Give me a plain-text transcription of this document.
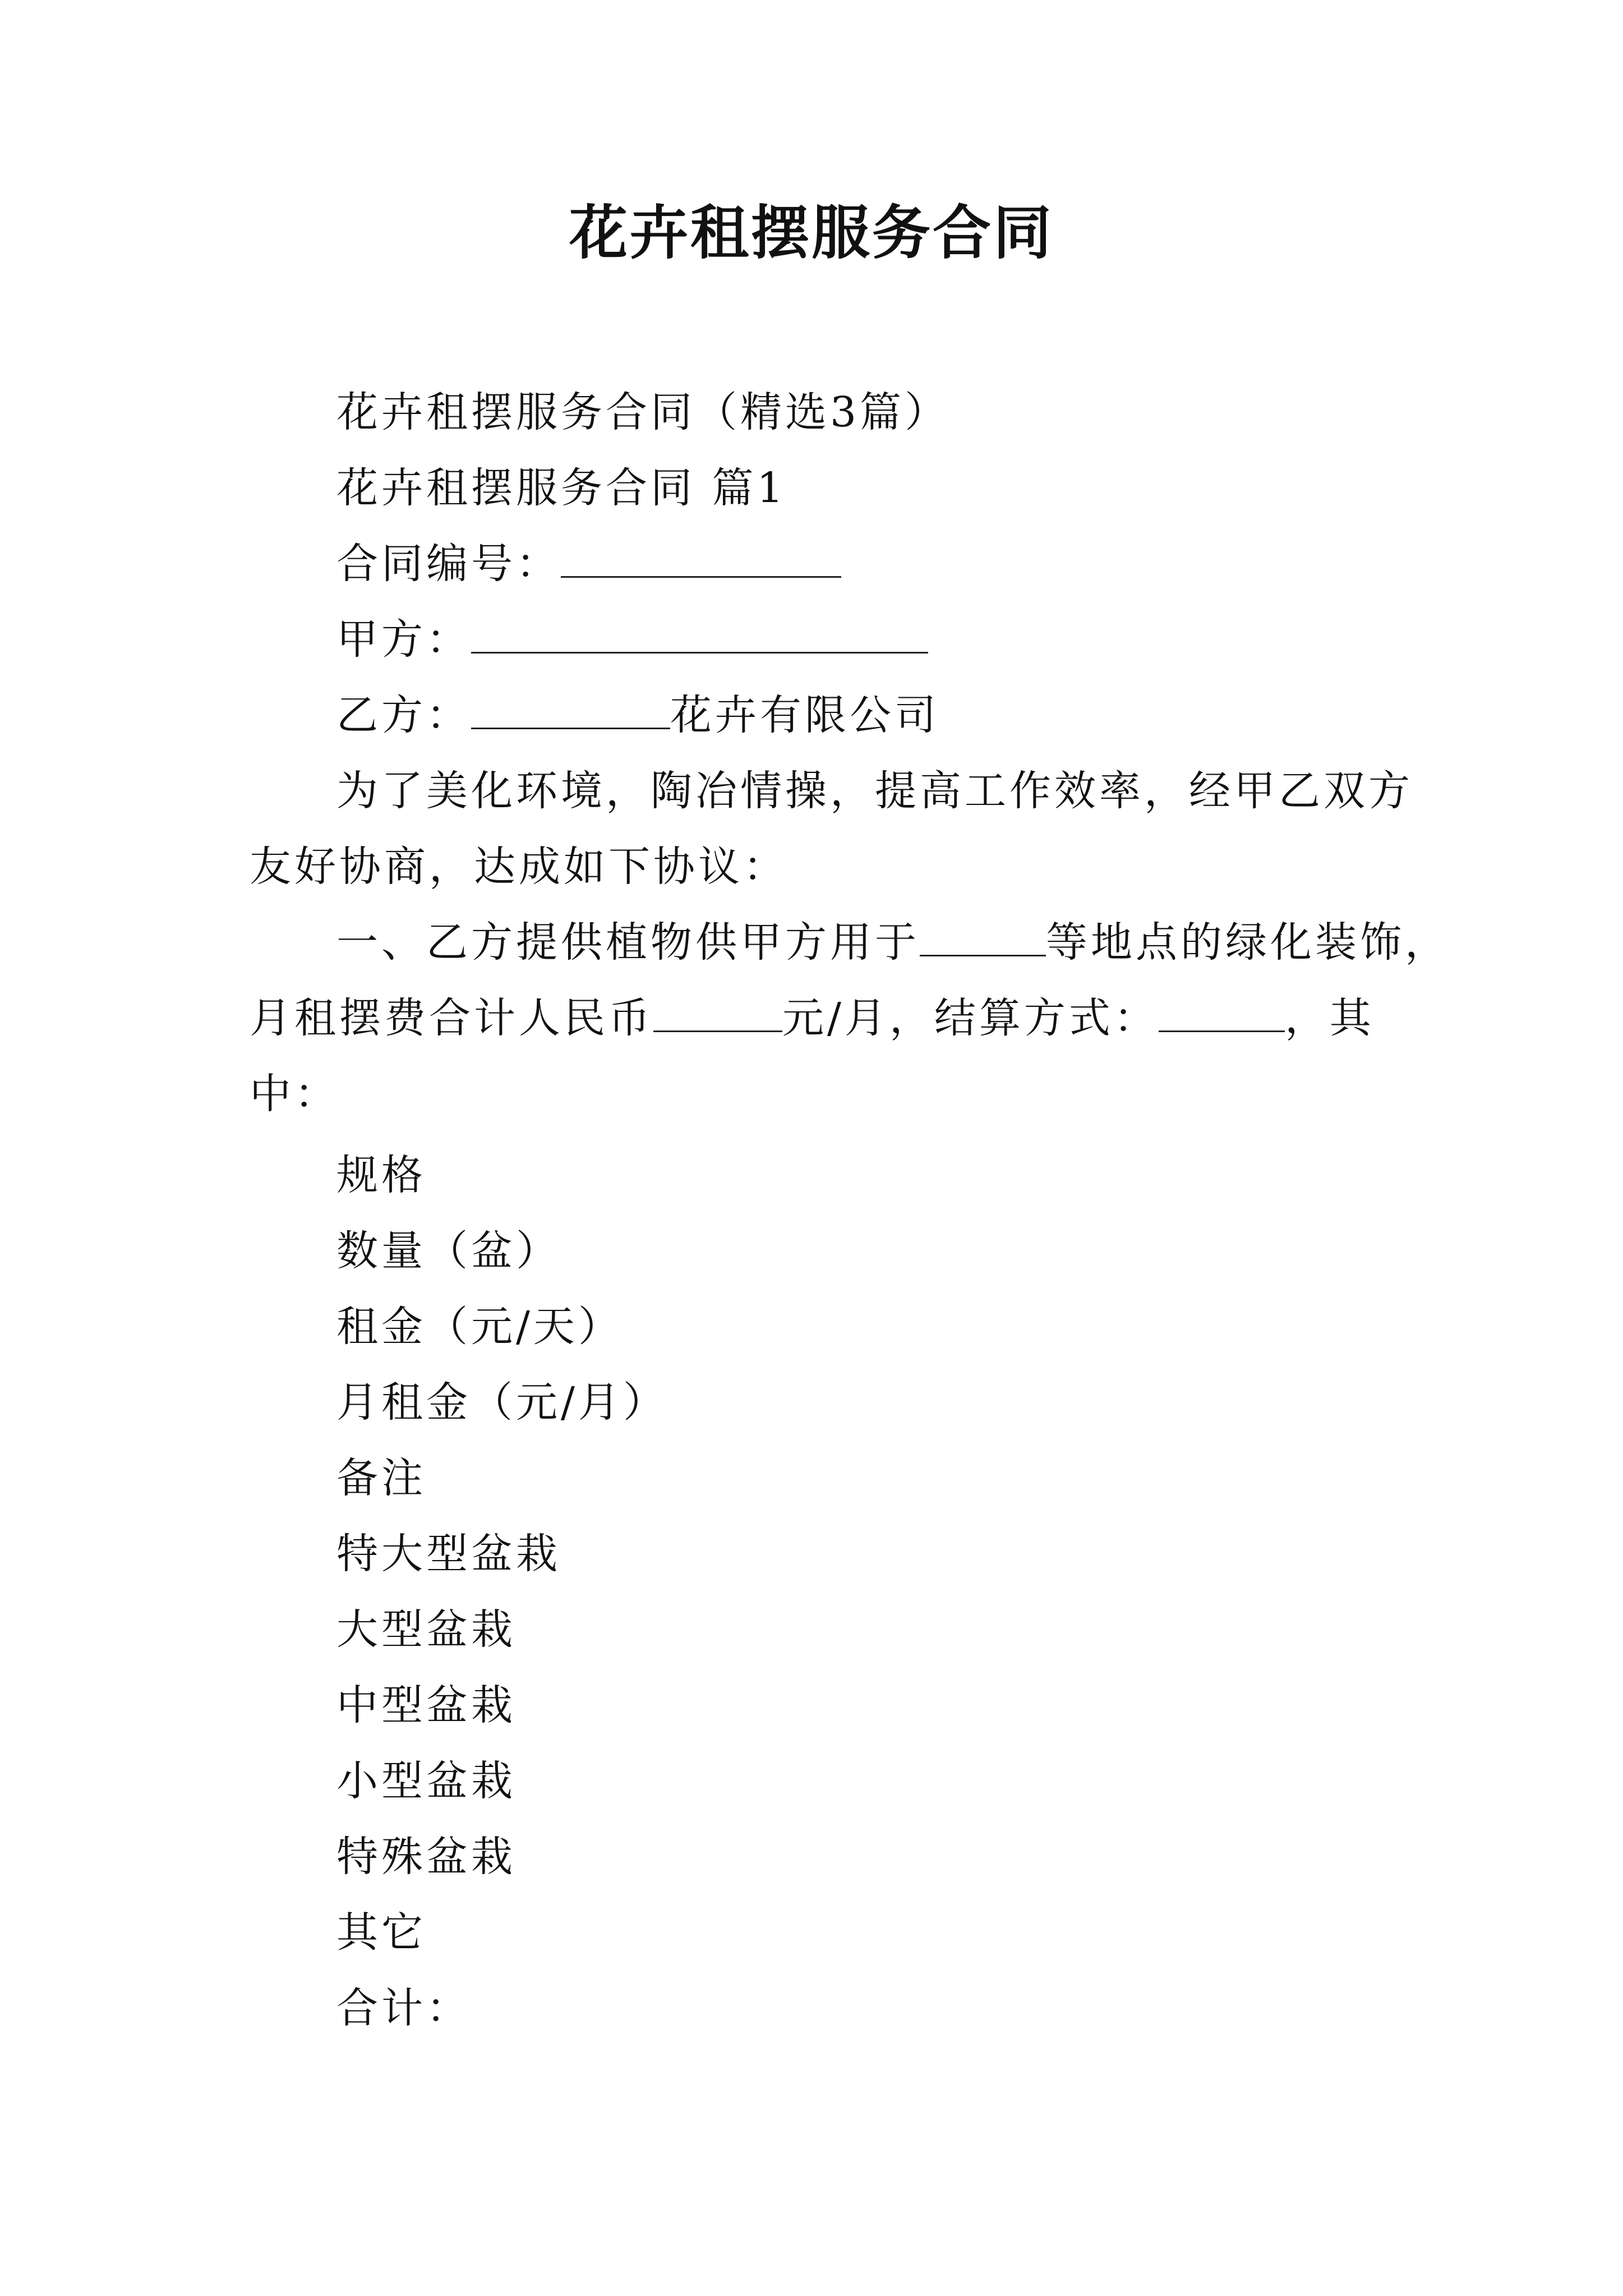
花卉租摆服务合同
花卉租摆服务合同（精选3篇）
花卉租摆服务合同 篇1
合同编号：
甲方：
乙方：	花卉有限公司
为了美化环境，陶冶情操，提高工作效率，经甲乙双方
友好协商，达成如下协议：
一、乙方提供植物供甲方用于	等地点的绿化装饰，
月租摆费合计人民币	元/月，结算方式：	，其
中：
规格
数量（盆）
租金（元/天）
月租金（元/月）
备注
特大型盆栽
大型盆栽
中型盆栽
小型盆栽
特殊盆栽
其它
合计：
